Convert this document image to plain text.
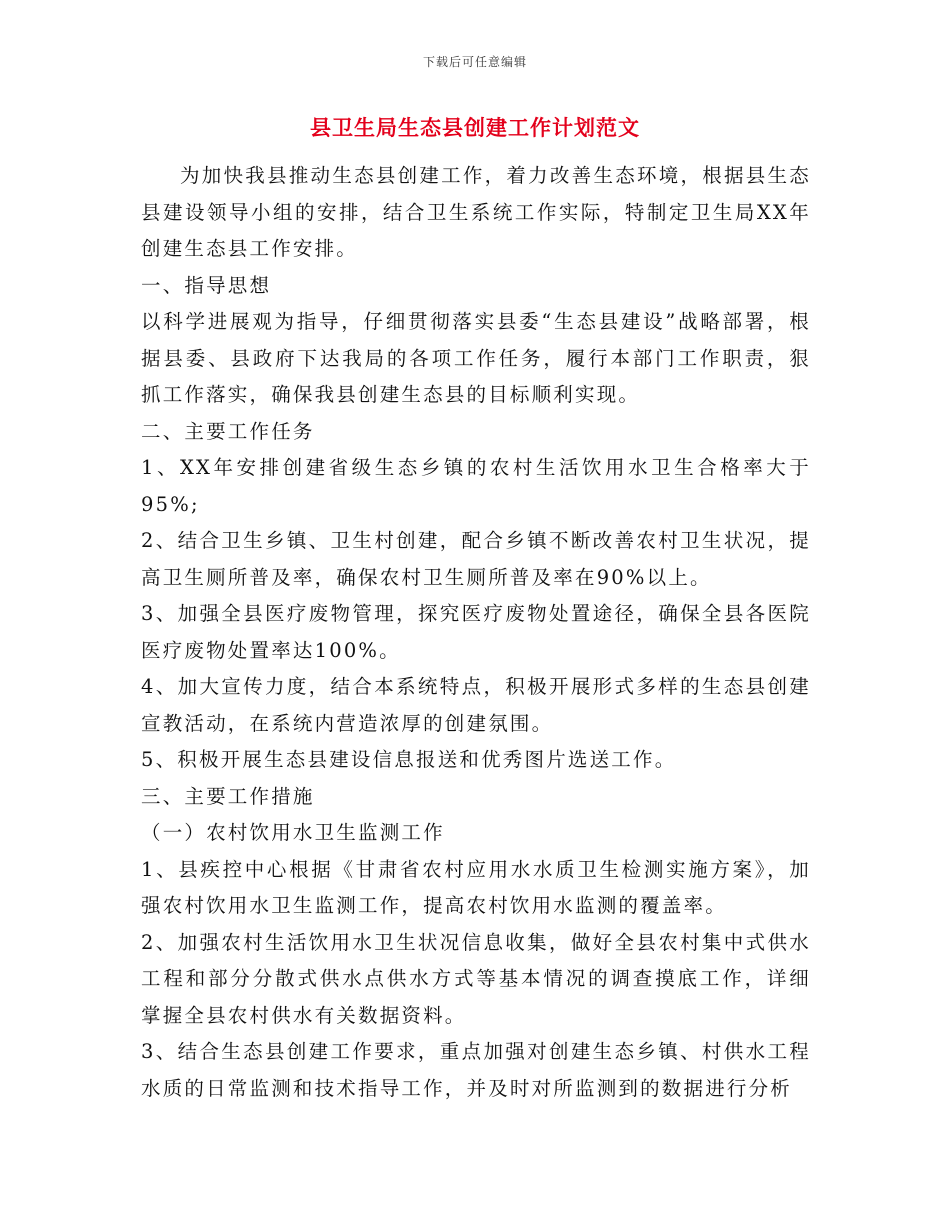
下载后可任意编辑
县卫生局生态县创建工作计划范文

为加快我县推动生态县创建工作，着力改善生态环境，根据县生态县建设领导小组的安排，结合卫生系统工作实际，特制定卫生局XX年创建生态县工作安排。

一、指导思想

以科学进展观为指导，仔细贯彻落实县委“生态县建设”战略部署，根据县委、县政府下达我局的各项工作任务，履行本部门工作职责，狠抓工作落实，确保我县创建生态县的目标顺利实现。

二、主要工作任务

1、XX年安排创建省级生态乡镇的农村生活饮用水卫生合格率大于95%;

2、结合卫生乡镇、卫生村创建，配合乡镇不断改善农村卫生状况，提高卫生厕所普及率，确保农村卫生厕所普及率在90%以上。

3、加强全县医疗废物管理，探究医疗废物处置途径，确保全县各医院医疗废物处置率达100%。

4、加大宣传力度，结合本系统特点，积极开展形式多样的生态县创建宣教活动，在系统内营造浓厚的创建氛围。

5、积极开展生态县建设信息报送和优秀图片选送工作。

三、主要工作措施

（一）农村饮用水卫生监测工作

1、县疾控中心根据《甘肃省农村应用水水质卫生检测实施方案》，加强农村饮用水卫生监测工作，提高农村饮用水监测的覆盖率。

2、加强农村生活饮用水卫生状况信息收集，做好全县农村集中式供水工程和部分分散式供水点供水方式等基本情况的调查摸底工作，详细掌握全县农村供水有关数据资料。

3、结合生态县创建工作要求，重点加强对创建生态乡镇、村供水工程水质的日常监测和技术指导工作，并及时对所监测到的数据进行分析
